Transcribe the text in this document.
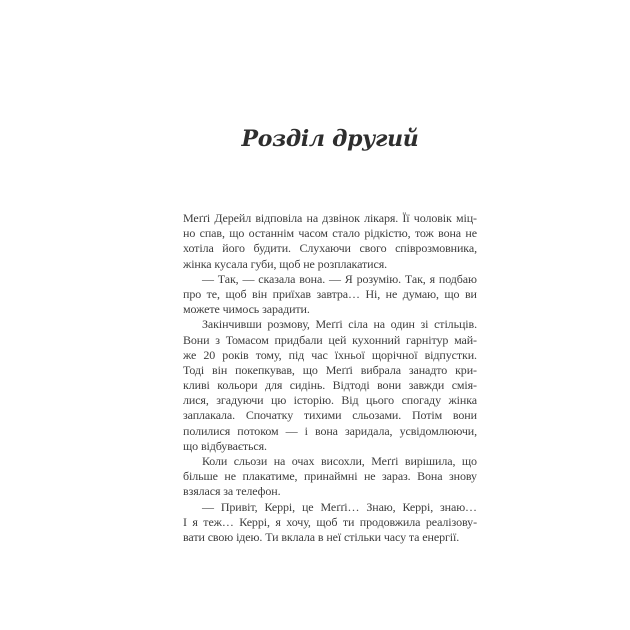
Розділ другий
Меґґі Дерейл відповіла на дзвінок лікаря. Її чоловік міц-
но спав, що останнім часом стало рідкістю, тож вона не
хотіла його будити. Слухаючи свого співрозмовника,
жінка кусала губи, щоб не розплакатися.
— Так, — сказала вона. — Я розумію. Так, я подбаю
про те, щоб він приїхав завтра… Ні, не думаю, що ви
можете чимось зарадити.
Закінчивши розмову, Меґґі сіла на один зі стільців.
Вони з Томасом придбали цей кухонний гарнітур май-
же 20 років тому, під час їхньої щорічної відпустки.
Тоді він покепкував, що Меґґі вибрала занадто кри-
кливі кольори для сидінь. Відтоді вони завжди смія-
лися, згадуючи цю історію. Від цього спогаду жінка
заплакала. Спочатку тихими сльозами. Потім вони
полилися потоком — і вона заридала, усвідомлюючи,
що відбувається.
Коли сльози на очах висохли, Меґґі вирішила, що
більше не плакатиме, принаймні не зараз. Вона знову
взялася за телефон.
— Привіт, Керрі, це Меґґі… Знаю, Керрі, знаю…
І я теж… Керрі, я хочу, щоб ти продовжила реалізову-
вати свою ідею. Ти вклала в неї стільки часу та енергії.
